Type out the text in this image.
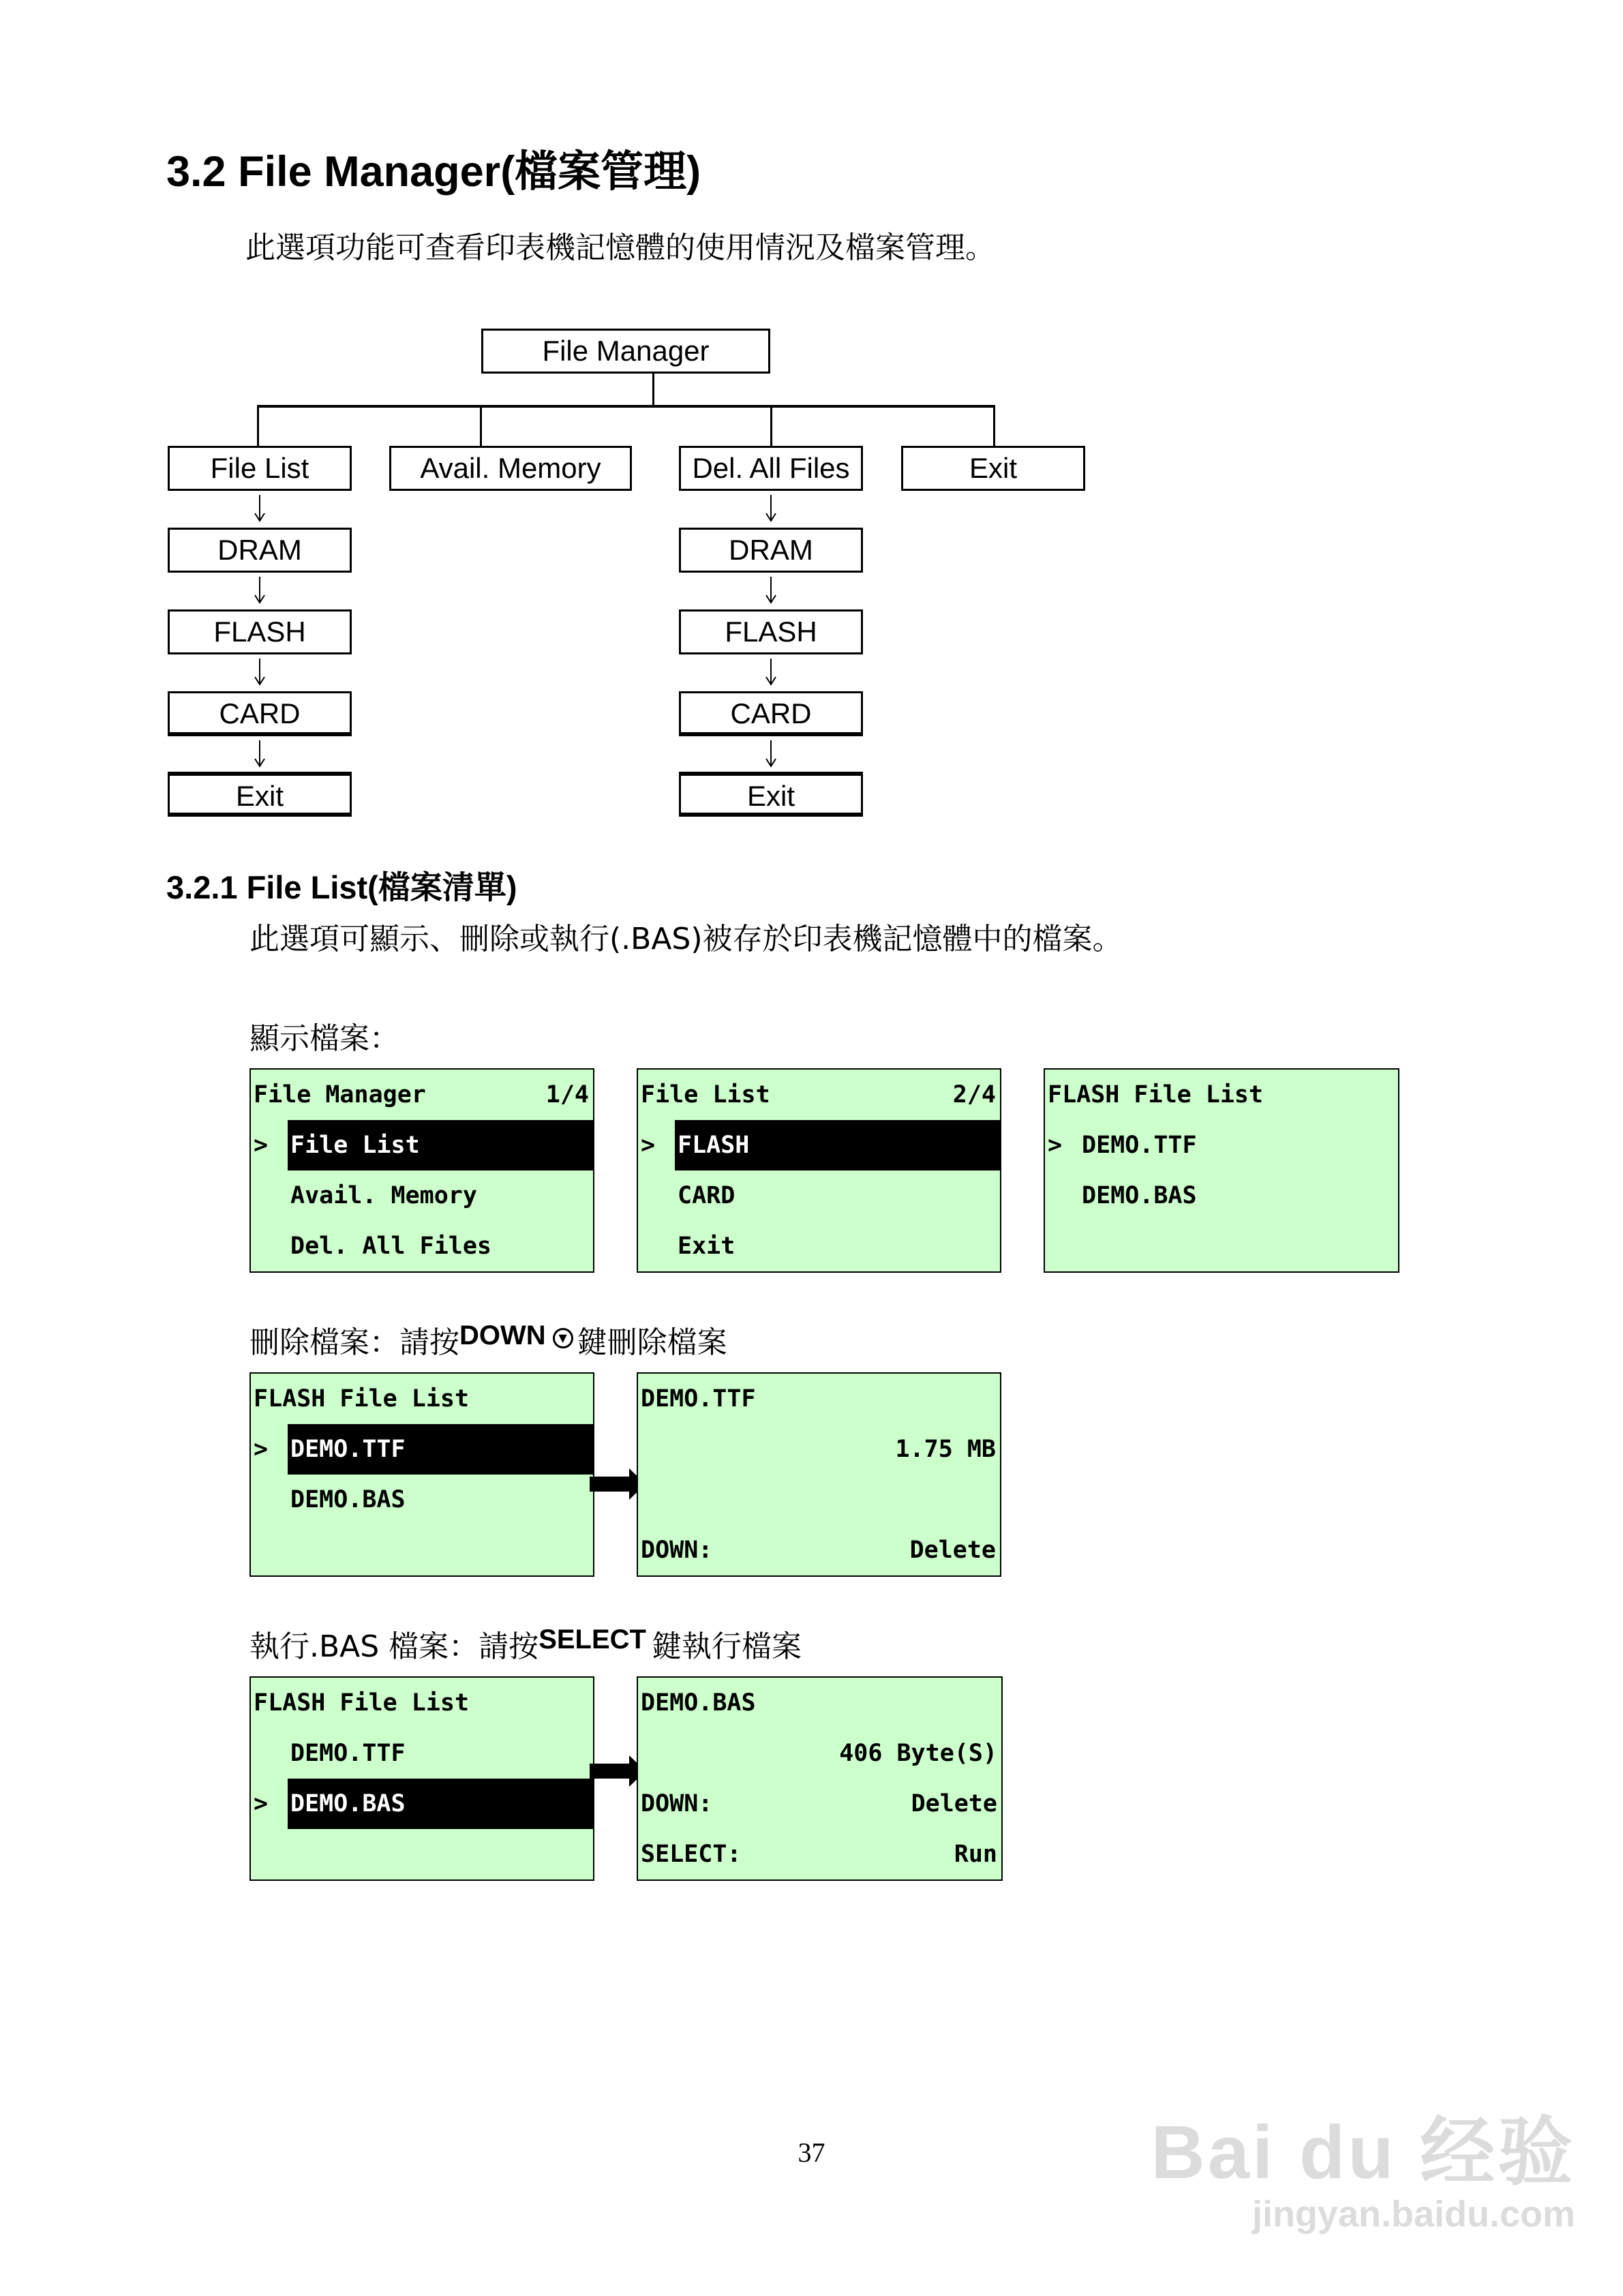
3.2 File Manager(檔案管理)
此選項功能可查看印表機記憶體的使用情況及檔案管理。
File Manager
File List	Avail. Memory	Del. All Files	Exit
DRAM
FLASH
CARD
Exit
DRAM
FLASH
CARD
Exit
3.2.1 File List(檔案清單)
此選項可顯示、刪除或執行(.BAS)被存於印表機記憶體中的檔案。
顯示檔案：
File Manager	1/4
> File List
Avail. Memory
Del. All Files
File List	2/4
> FLASH
CARD
Exit
FLASH File List
> DEMO.TTF
DEMO.BAS
刪除檔案：請按DOWN ▼ 鍵刪除檔案
FLASH File List
> DEMO.TTF
DEMO.BAS
DEMO.TTF
1.75 MB
DOWN:	Delete
執行.BAS 檔案：請按SELECT 鍵執行檔案
FLASH File List
DEMO.TTF
> DEMO.BAS
DEMO.BAS
406 Byte(S)
DOWN:	Delete
SELECT:	Run
37	Bai du 经验
jingyan.baidu.com
